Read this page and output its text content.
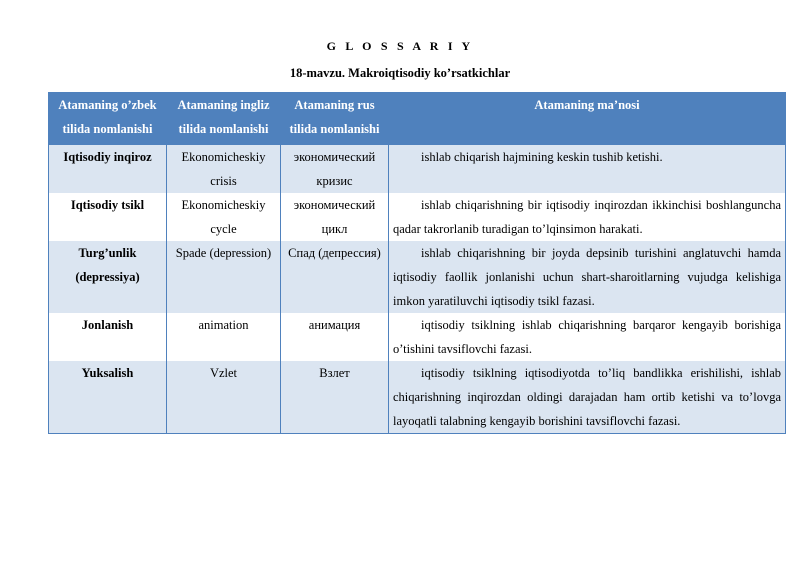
G L O S S A R I Y
18-mavzu. Makroiqtisodiy ko’rsatkichlar
Atamaning o’zbek tilida nomlanishi	Atamaning ingliz tilida nomlanishi	Atamaning rus tilida nomlanishi	Atamaning ma’nosi
Iqtisodiy inqiroz	Ekonomicheskiy crisis	экономический кризис	ishlab chiqarish hajmining keskin tushib ketishi.
Iqtisodiy tsikl	Ekonomicheskiy cycle	экономический цикл	ishlab chiqarishning bir iqtisodiy inqirozdan ikkinchisi boshlanguncha qadar takrorlanib turadigan to’lqinsimon harakati.
Turg’unlik (depressiya)	Spade (depression)	Спад (депрессия)	ishlab chiqarishning bir joyda depsinib turishini anglatuvchi hamda iqtisodiy faollik jonlanishi uchun shart-sharoitlarning vujudga kelishiga imkon yaratiluvchi iqtisodiy tsikl fazasi.
Jonlanish	animation	анимация	iqtisodiy tsiklning ishlab chiqarishning barqaror kengayib borishiga o’tishini tavsiflovchi fazasi.
Yuksalish	Vzlet	Взлет	iqtisodiy tsiklning iqtisodiyotda to’liq bandlikka erishilishi, ishlab chiqarishning inqirozdan oldingi darajadan ham ortib ketishi va to’lovga layoqatli talabning kengayib borishini tavsiflovchi fazasi.
